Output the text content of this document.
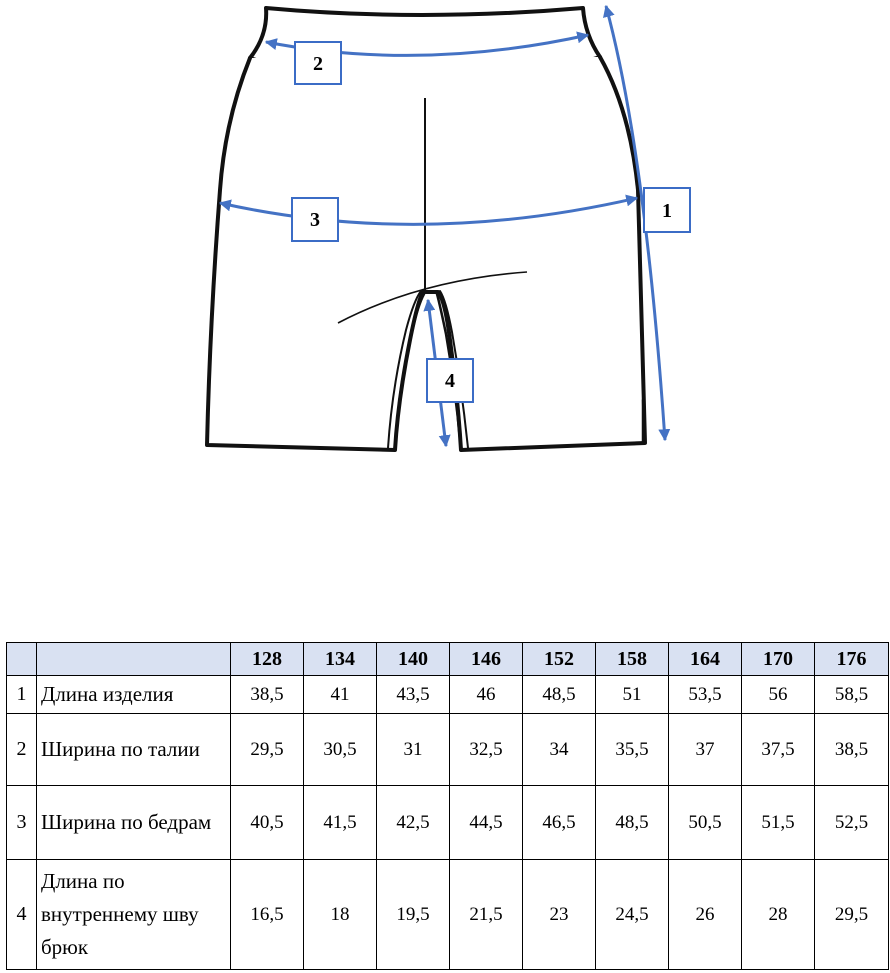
1
2
3
4
		128	134	140	146	152	158	164	170	176
1	Длина изделия	38,5	41	43,5	46	48,5	51	53,5	56	58,5
2	Ширина по талии	29,5	30,5	31	32,5	34	35,5	37	37,5	38,5
3	Ширина по бедрам	40,5	41,5	42,5	44,5	46,5	48,5	50,5	51,5	52,5
4	Длина по внутреннему шву брюк	16,5	18	19,5	21,5	23	24,5	26	28	29,5
